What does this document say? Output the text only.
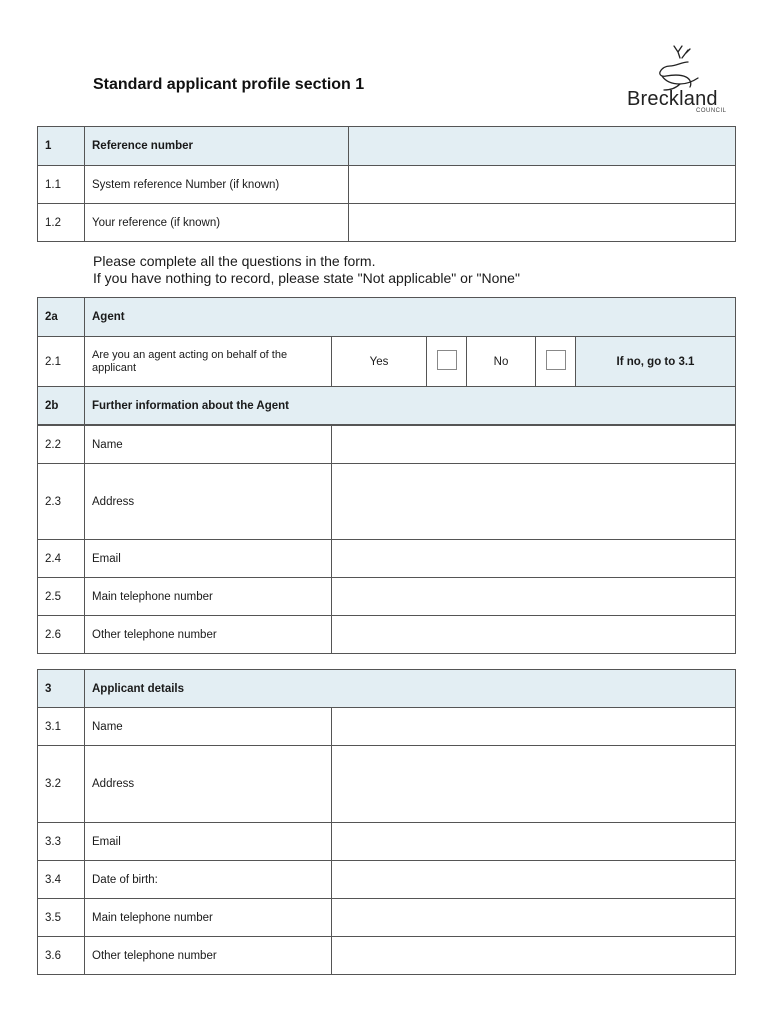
Standard applicant profile section 1
Breckland
COUNCIL
1	Reference number	
1.1	System reference Number (if known)	
1.2	Your reference (if known)	
Please complete all the questions in the form.
If you have nothing to record, please state "Not applicable" or "None"
2a	Agent					
2.1	Are you an agent acting on behalf of the applicant	Yes		No		If no, go to 3.1
2b	Further information about the Agent					
2.2	Name	
2.3	Address	
2.4	Email	
2.5	Main telephone number	
2.6	Other telephone number	
3	Applicant details	
3.1	Name	
3.2	Address	
3.3	Email	
3.4	Date of birth:	
3.5	Main telephone number	
3.6	Other telephone number	
